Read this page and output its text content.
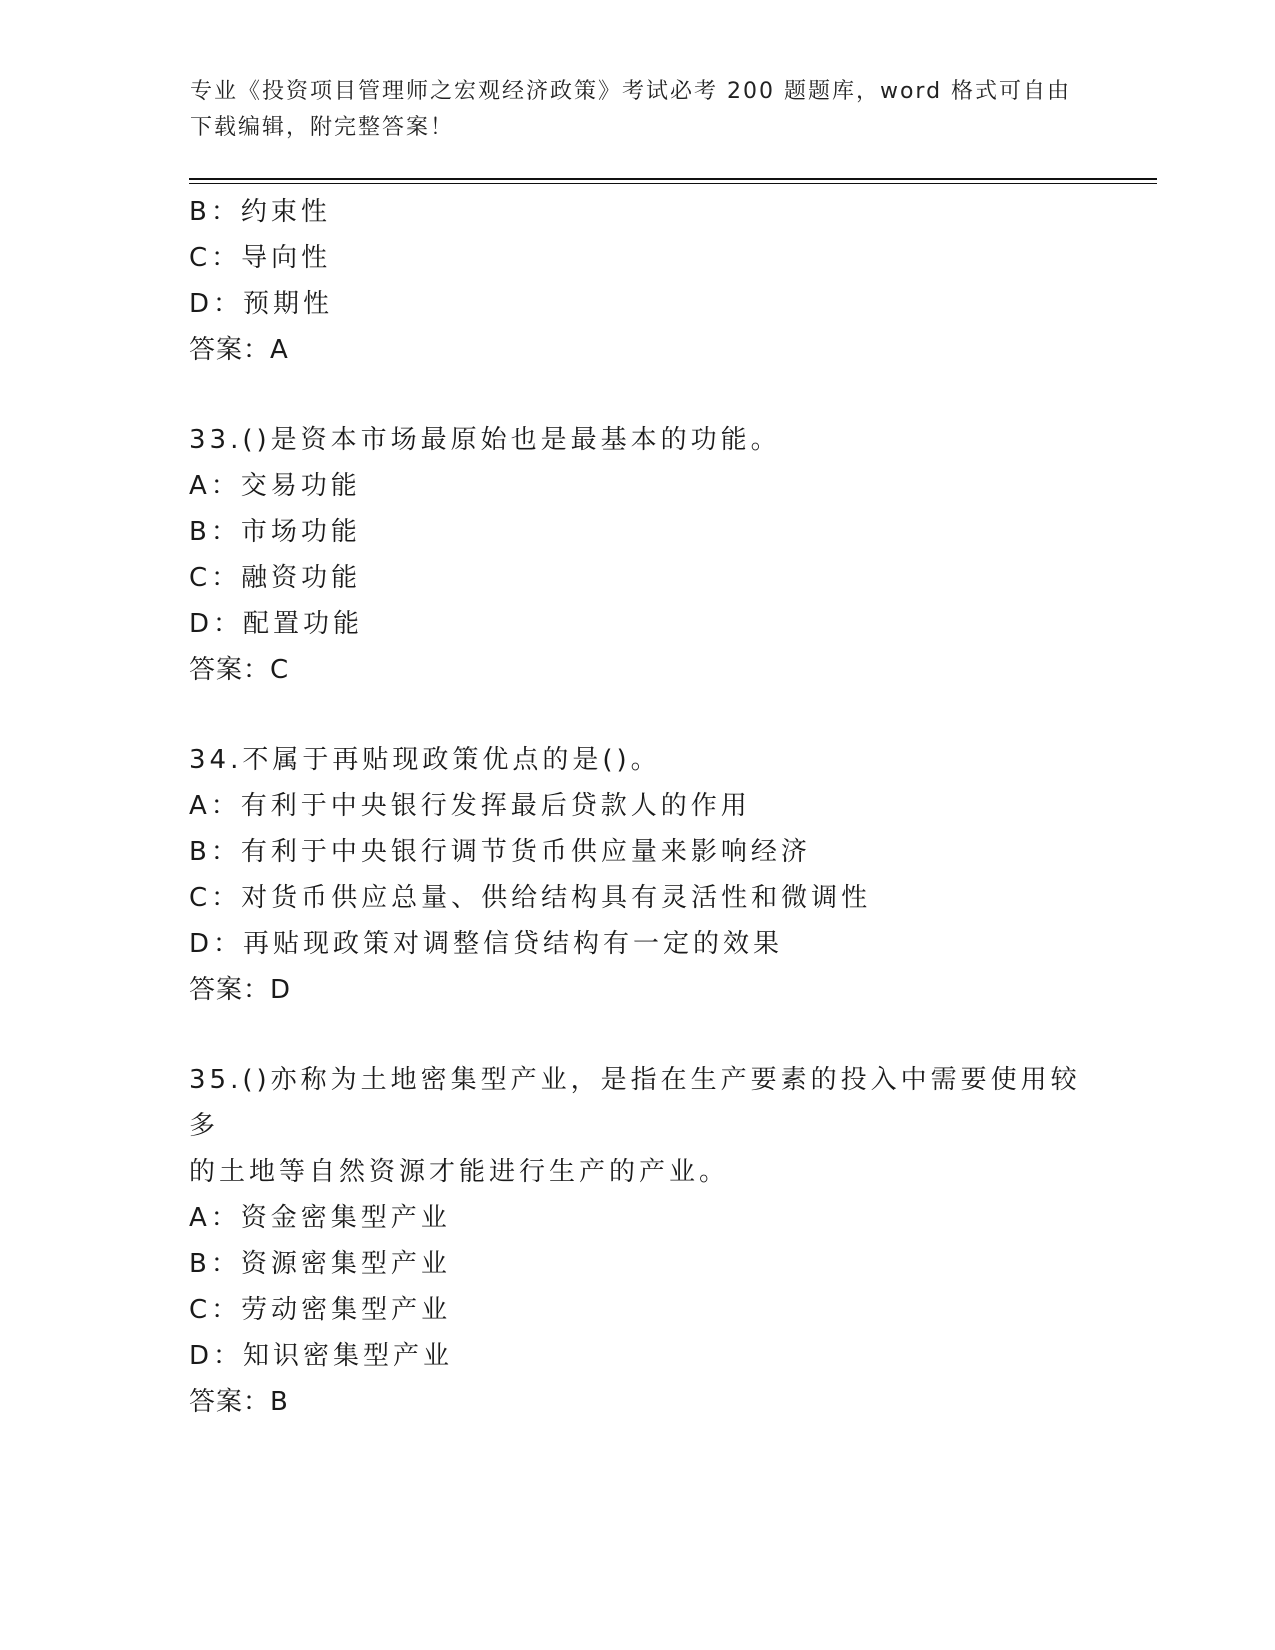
专业《投资项目管理师之宏观经济政策》考试必考 200 题题库，word 格式可自由
下载编辑，附完整答案！
B：约束性
C：导向性
D：预期性
答案：A
33.()是资本市场最原始也是最基本的功能。
A：交易功能
B：市场功能
C：融资功能
D：配置功能
答案：C
34.不属于再贴现政策优点的是()。
A：有利于中央银行发挥最后贷款人的作用
B：有利于中央银行调节货币供应量来影响经济
C：对货币供应总量、供给结构具有灵活性和微调性
D：再贴现政策对调整信贷结构有一定的效果
答案：D
35.()亦称为土地密集型产业，是指在生产要素的投入中需要使用较多
的土地等自然资源才能进行生产的产业。
A：资金密集型产业
B：资源密集型产业
C：劳动密集型产业
D：知识密集型产业
答案：B
